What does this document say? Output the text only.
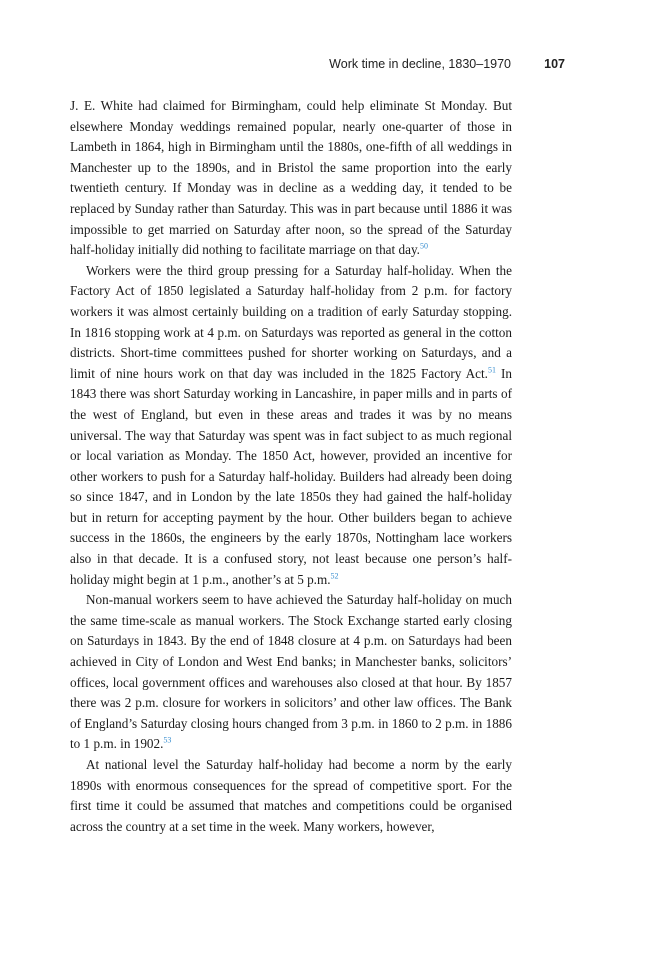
Work time in decline, 1830–1970	107

J. E. White had claimed for Birmingham, could help eliminate St Monday. But elsewhere Monday weddings remained popular, nearly one-quarter of those in Lambeth in 1864, high in Birmingham until the 1880s, one-fifth of all weddings in Manchester up to the 1890s, and in Bristol the same proportion into the early twentieth century. If Monday was in decline as a wedding day, it tended to be replaced by Sunday rather than Saturday. This was in part because until 1886 it was impossible to get married on Saturday after noon, so the spread of the Saturday half-holiday initially did nothing to facilitate marriage on that day.$^{50}$

Workers were the third group pressing for a Saturday half-holiday. When the Factory Act of 1850 legislated a Saturday half-holiday from 2 p.m. for factory workers it was almost certainly building on a tradition of early Saturday stopping. In 1816 stopping work at 4 p.m. on Saturdays was reported as general in the cotton districts. Short-time committees pushed for shorter working on Saturdays, and a limit of nine hours work on that day was included in the 1825 Factory Act.$^{51}$ In 1843 there was short Saturday working in Lancashire, in paper mills and in parts of the west of England, but even in these areas and trades it was by no means universal. The way that Saturday was spent was in fact subject to as much regional or local variation as Monday. The 1850 Act, however, provided an incentive for other workers to push for a Saturday half-holiday. Builders had already been doing so since 1847, and in London by the late 1850s they had gained the half-holiday but in return for accepting payment by the hour. Other builders began to achieve success in the 1860s, the engineers by the early 1870s, Nottingham lace workers also in that decade. It is a confused story, not least because one person’s half-holiday might begin at 1 p.m., another’s at 5 p.m.$^{52}$

Non-manual workers seem to have achieved the Saturday half-holiday on much the same time-scale as manual workers. The Stock Exchange started early closing on Saturdays in 1843. By the end of 1848 closure at 4 p.m. on Saturdays had been achieved in City of London and West End banks; in Manchester banks, solicitors’ offices, local government offices and warehouses also closed at that hour. By 1857 there was 2 p.m. closure for workers in solicitors’ and other law offices. The Bank of England’s Saturday closing hours changed from 3 p.m. in 1860 to 2 p.m. in 1886 to 1 p.m. in 1902.53

At national level the Saturday half-holiday had become a norm by the early 1890s with enormous consequences for the spread of competitive sport. For the first time it could be assumed that matches and competitions could be organised across the country at a set time in the week. Many workers, however,
